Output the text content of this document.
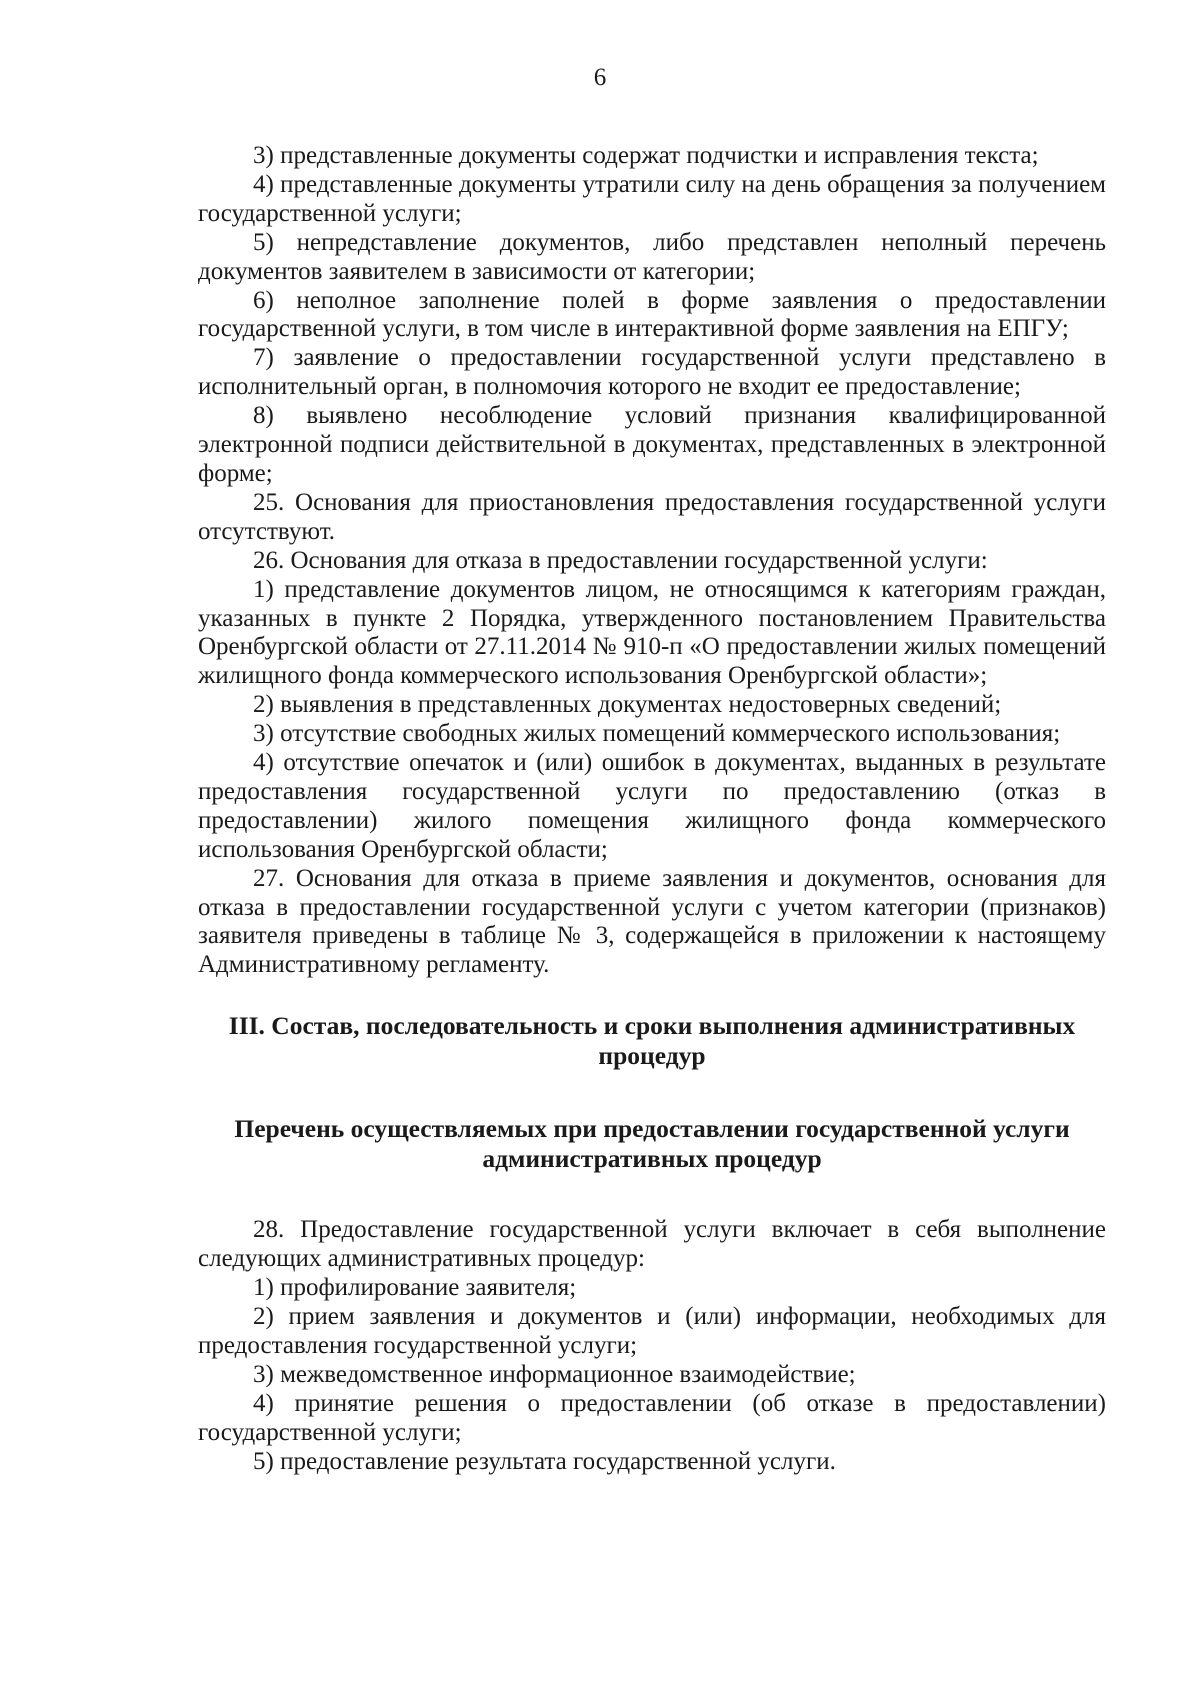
6

3) представленные документы содержат подчистки и исправления текста;

4) представленные документы утратили силу на день обращения за получением государственной услуги;

5) непредставление документов, либо представлен неполный перечень документов заявителем в зависимости от категории;

6) неполное заполнение полей в форме заявления о предоставлении государственной услуги, в том числе в интерактивной форме заявления на ЕПГУ;

7) заявление о предоставлении государственной услуги представлено в исполнительный орган, в полномочия которого не входит ее предоставление;

8) выявлено несоблюдение условий признания квалифицированной электронной подписи действительной в документах, представленных в электронной форме;

25. Основания для приостановления предоставления государственной услуги отсутствуют.

26. Основания для отказа в предоставлении государственной услуги:

1) представление документов лицом, не относящимся к категориям граждан, указанных в пункте 2 Порядка, утвержденного постановлением Правительства Оренбургской области от 27.11.2014 № 910-п «О предоставлении жилых помещений жилищного фонда коммерческого использования Оренбургской области»;

2) выявления в представленных документах недостоверных сведений;

3) отсутствие свободных жилых помещений коммерческого использования;

4) отсутствие опечаток и (или) ошибок в документах, выданных в результате предоставления государственной услуги по предоставлению (отказ в предоставлении) жилого помещения жилищного фонда коммерческого использования Оренбургской области;

27. Основания для отказа в приеме заявления и документов, основания для отказа в предоставлении государственной услуги с учетом категории (признаков) заявителя приведены в таблице № 3, содержащейся в приложении к настоящему Административному регламенту.

III. Состав, последовательность и сроки выполнения административных процедур
Перечень осуществляемых при предоставлении государственной услуги административных процедур

28. Предоставление государственной услуги включает в себя выполнение следующих административных процедур:

1) профилирование заявителя;

2) прием заявления и документов и (или) информации, необходимых для предоставления государственной услуги;

3) межведомственное информационное взаимодействие;

4) принятие решения о предоставлении (об отказе в предоставлении) государственной услуги;

5) предоставление результата государственной услуги.
